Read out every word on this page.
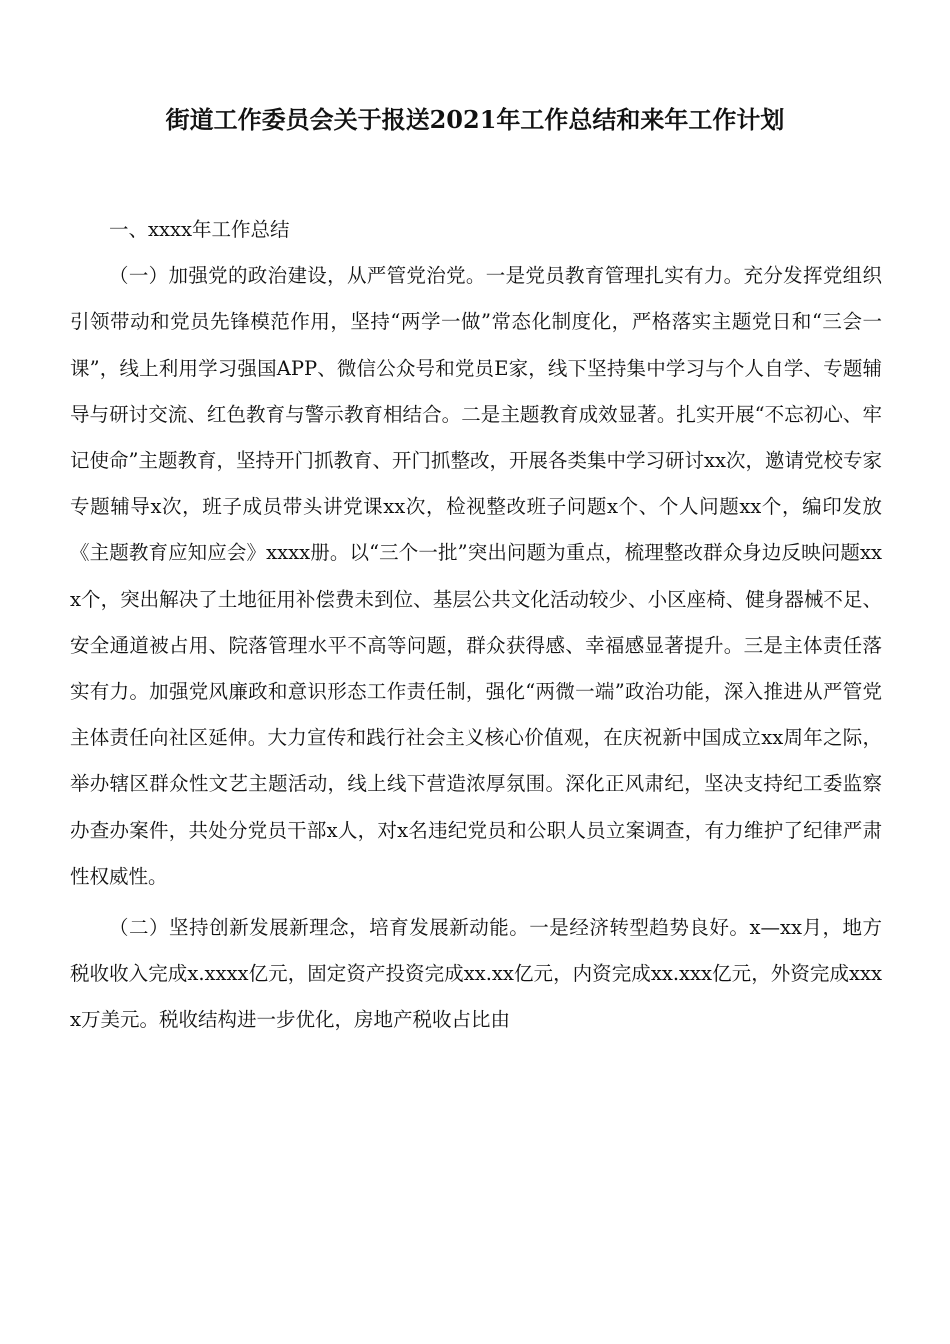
街道工作委员会关于报送2021年工作总结和来年工作计划

一、xxxx年工作总结

（一）加强党的政治建设，从严管党治党。一是党员教育管理扎实有力。充分发挥党组织引领带动和党员先锋模范作用，坚持“两学一做”常态化制度化，严格落实主题党日和“三会一课”，线上利用学习强国APP、微信公众号和党员E家，线下坚持集中学习与个人自学、专题辅导与研讨交流、红色教育与警示教育相结合。二是主题教育成效显著。扎实开展“不忘初心、牢记使命”主题教育，坚持开门抓教育、开门抓整改，开展各类集中学习研讨xx次，邀请党校专家专题辅导x次，班子成员带头讲党课xx次，检视整改班子问题x个、个人问题xx个，编印发放《主题教育应知应会》xxxx册。以“三个一批”突出问题为重点，梳理整改群众身边反映问题xxx个，突出解决了土地征用补偿费未到位、基层公共文化活动较少、小区座椅、健身器械不足、安全通道被占用、院落管理水平不高等问题，群众获得感、幸福感显著提升。三是主体责任落实有力。加强党风廉政和意识形态工作责任制，强化“两微一端”政治功能，深入推进从严管党主体责任向社区延伸。大力宣传和践行社会主义核心价值观，在庆祝新中国成立xx周年之际，举办辖区群众性文艺主题活动，线上线下营造浓厚氛围。深化正风肃纪，坚决支持纪工委监察办查办案件，共处分党员干部x人，对x名违纪党员和公职人员立案调查，有力维护了纪律严肃性权威性。

（二）坚持创新发展新理念，培育发展新动能。一是经济转型趋势良好。x—xx月，地方税收收入完成x.xxxx亿元，固定资产投资完成xx.xx亿元，内资完成xx.xxx亿元，外资完成xxxx万美元。税收结构进一步优化，房地产税收占比由
